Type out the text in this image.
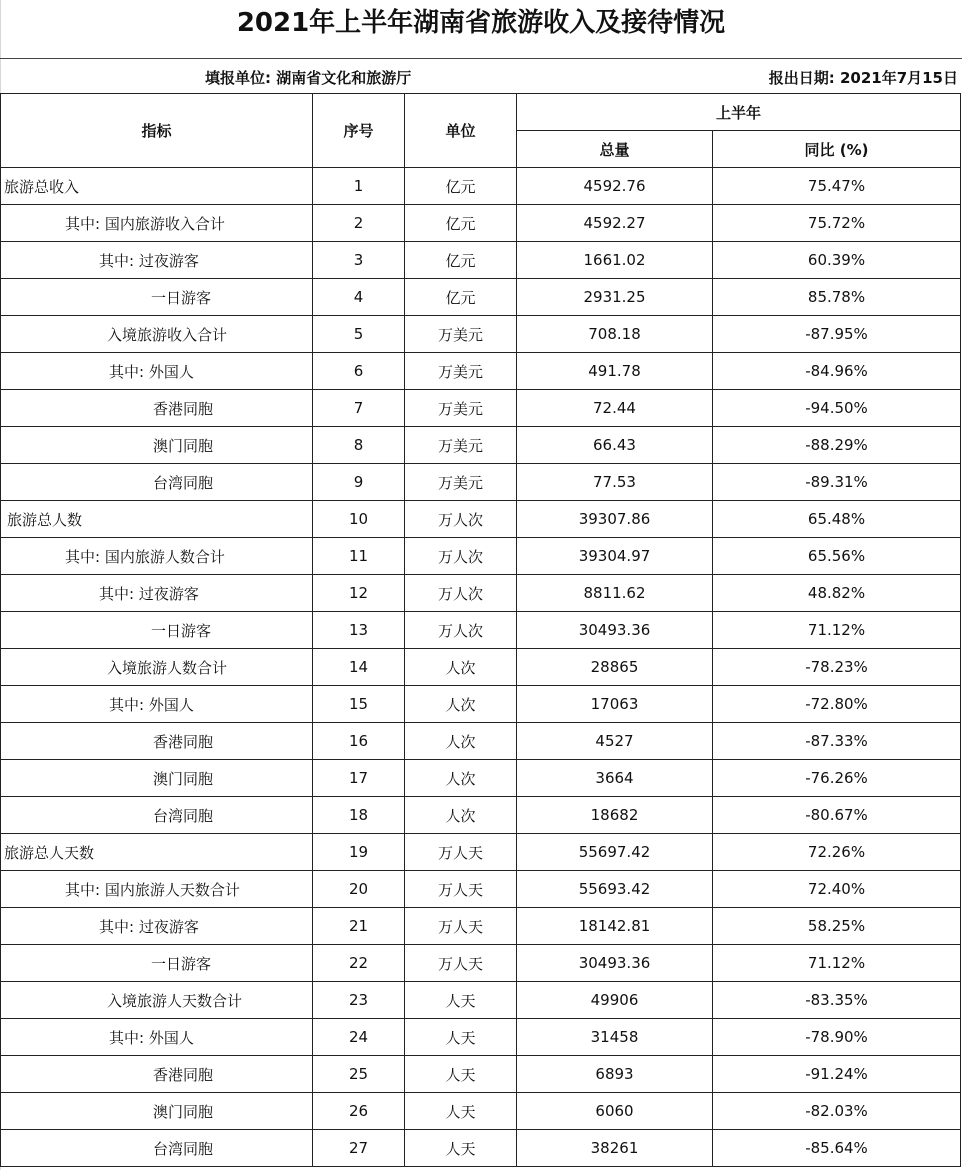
2021年上半年湖南省旅游收入及接待情况
填报单位: 湖南省文化和旅游厅	报出日期: 2021年7月15日
指标	序号	单位	上半年	
			总量	同比 (%)
旅游总收入	1	亿元	4592.76	75.47%
其中: 国内旅游收入合计	2	亿元	4592.27	75.72%
其中: 过夜游客	3	亿元	1661.02	60.39%
一日游客	4	亿元	2931.25	85.78%
入境旅游收入合计	5	万美元	708.18	-87.95%
其中: 外国人	6	万美元	491.78	-84.96%
香港同胞	7	万美元	72.44	-94.50%
澳门同胞	8	万美元	66.43	-88.29%
台湾同胞	9	万美元	77.53	-89.31%
旅游总人数	10	万人次	39307.86	65.48%
其中: 国内旅游人数合计	11	万人次	39304.97	65.56%
其中: 过夜游客	12	万人次	8811.62	48.82%
一日游客	13	万人次	30493.36	71.12%
入境旅游人数合计	14	人次	28865	-78.23%
其中: 外国人	15	人次	17063	-72.80%
香港同胞	16	人次	4527	-87.33%
澳门同胞	17	人次	3664	-76.26%
台湾同胞	18	人次	18682	-80.67%
旅游总人天数	19	万人天	55697.42	72.26%
其中: 国内旅游人天数合计	20	万人天	55693.42	72.40%
其中: 过夜游客	21	万人天	18142.81	58.25%
一日游客	22	万人天	30493.36	71.12%
入境旅游人天数合计	23	人天	49906	-83.35%
其中: 外国人	24	人天	31458	-78.90%
香港同胞	25	人天	6893	-91.24%
澳门同胞	26	人天	6060	-82.03%
台湾同胞	27	人天	38261	-85.64%
